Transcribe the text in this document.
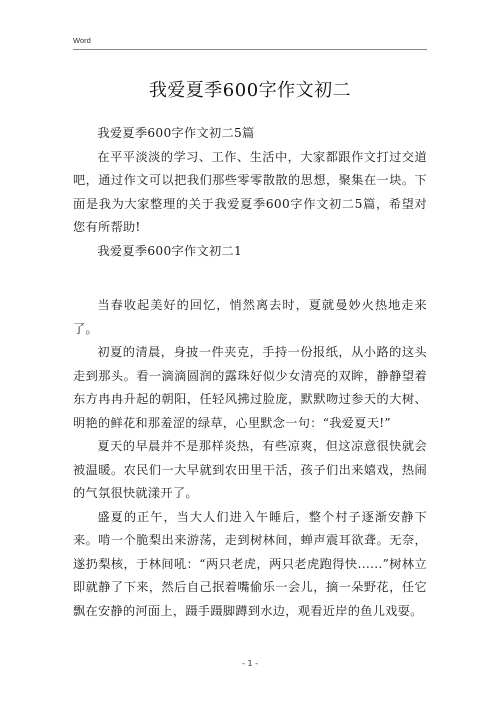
Word
我爱夏季600字作文初二

我爱夏季600字作文初二5篇

在平平淡淡的学习、工作、生活中，大家都跟作文打过交道吧，通过作文可以把我们那些零零散散的思想，聚集在一块。下面是我为大家整理的关于我爱夏季600字作文初二5篇，希望对您有所帮助!

我爱夏季600字作文初二1

当春收起美好的回忆，悄然离去时，夏就曼妙火热地走来了。

初夏的清晨，身披一件夹克，手持一份报纸，从小路的这头走到那头。看一滴滴圆润的露珠好似少女清亮的双眸，静静望着东方冉冉升起的朝阳，任轻风拂过脸庞，默默吻过参天的大树、明艳的鲜花和那羞涩的绿草，心里默念一句：“我爱夏天!”

夏天的早晨并不是那样炎热，有些凉爽，但这凉意很快就会被温暖。农民们一大早就到农田里干活，孩子们出来嬉戏，热闹的气氛很快就漾开了。

盛夏的正午，当大人们进入午睡后，整个村子逐渐安静下来。啃一个脆梨出来游荡，走到树林间，蝉声震耳欲聋。无奈，遂扔梨核，于林间吼：“两只老虎，两只老虎跑得快......”树林立即就静了下来，然后自己抿着嘴偷乐一会儿，摘一朵野花，任它飘在安静的河面上，蹑手蹑脚蹲到水边，观看近岸的鱼儿戏耍。

- 1 -
